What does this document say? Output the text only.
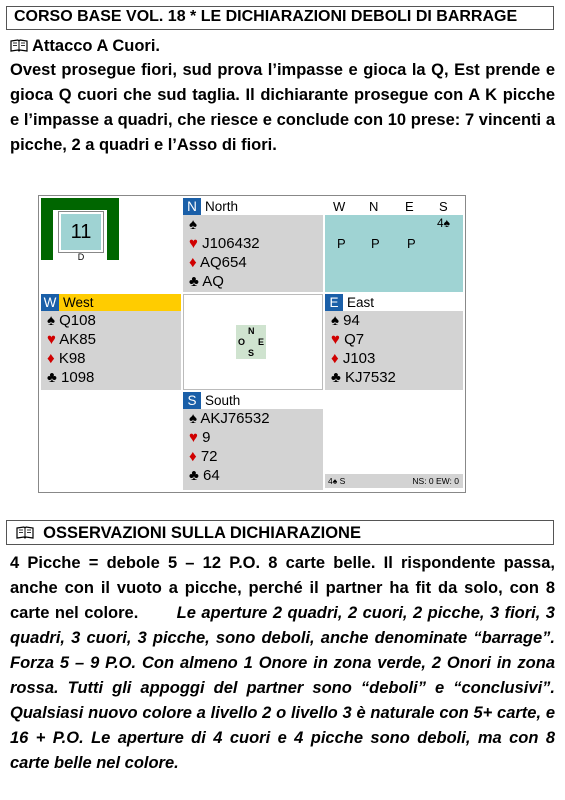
CORSO BASE VOL. 18 * LE DICHIARAZIONI DEBOLI DI BARRAGE
Attacco A Cuori.
Ovest prosegue fiori, sud prova l’impasse e gioca la Q, Est prende e gioca Q cuori che sud taglia. Il dichiarante prosegue con A K picche e l’impasse a quadri, che riesce e conclude con 10 prese: 7 vincenti a picche, 2 a quadri e l’Asso di fiori.
11
D
N North
♠
♥ J106432
♦ AQ654
♣ AQ
W N E S
4♠
P P P
W West
♠ Q108
♥ AK85
♦ K98
♣ 1098
N
O E
S
E East
♠ 94
♥ Q7
♦ J103
♣ KJ7532
S South
♠ AKJ76532
♥ 9
♦ 72
♣ 64	4♠ S	NS: 0 EW: 0
OSSERVAZIONI SULLA DICHIARAZIONE
4 Picche = debole 5 – 12 P.O. 8 carte belle. Il rispondente passa, anche con il vuoto a picche, perché il partner ha fit da solo, con 8 carte nel colore. Le aperture 2 quadri, 2 cuori, 2 picche, 3 fiori, 3 quadri, 3 cuori, 3 picche, sono deboli, anche denominate “barrage”. Forza 5 – 9 P.O. Con almeno 1 Onore in zona verde, 2 Onori in zona rossa. Tutti gli appoggi del partner sono “deboli” e “conclusivi”. Qualsiasi nuovo colore a livello 2 o livello 3 è naturale con 5+ carte, e 16 + P.O. Le aperture di 4 cuori e 4 picche sono deboli, ma con 8 carte belle nel colore.
